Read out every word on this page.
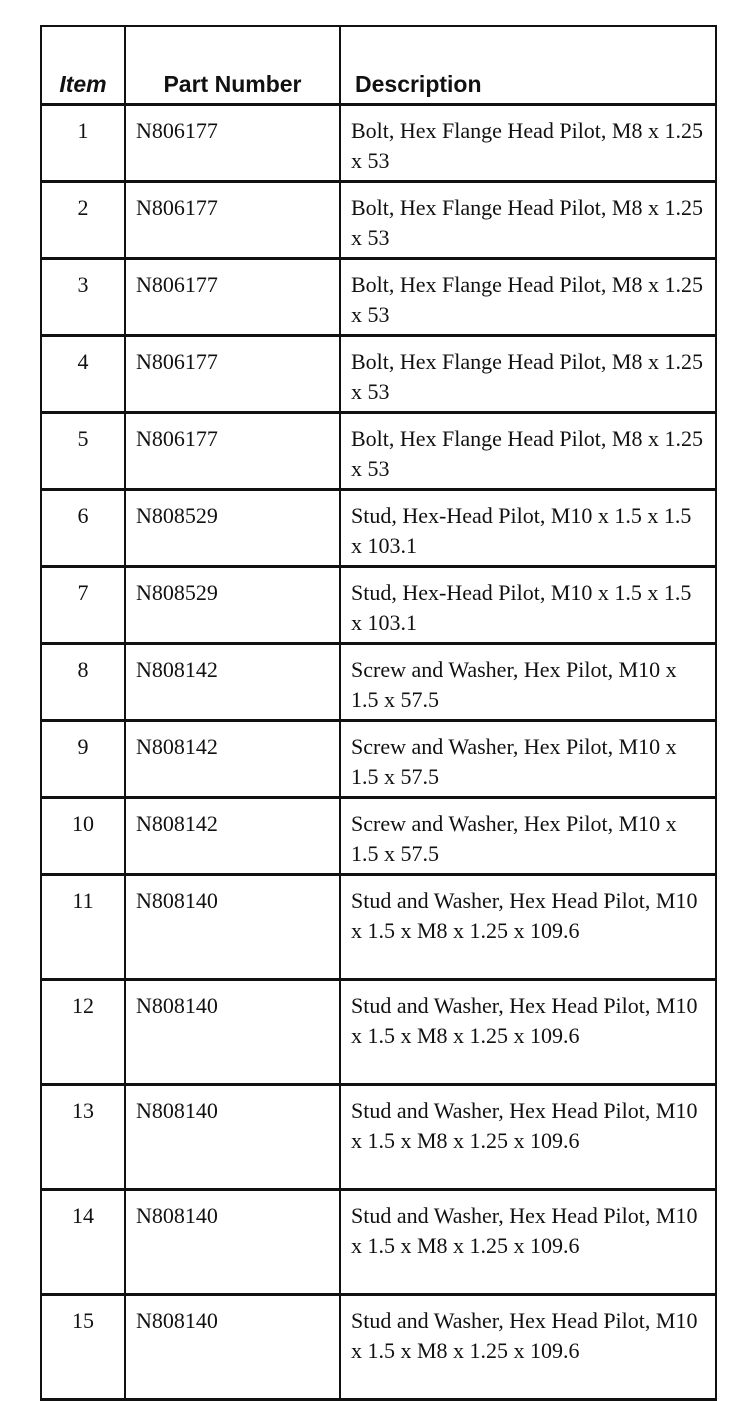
Item	Part Number	Description
1	N806177	Bolt, Hex Flange Head Pilot, M8 x 1.25 x 53
2	N806177	Bolt, Hex Flange Head Pilot, M8 x 1.25 x 53
3	N806177	Bolt, Hex Flange Head Pilot, M8 x 1.25 x 53
4	N806177	Bolt, Hex Flange Head Pilot, M8 x 1.25 x 53
5	N806177	Bolt, Hex Flange Head Pilot, M8 x 1.25 x 53
6	N808529	Stud, Hex-Head Pilot, M10 x 1.5 x 1.5 x 103.1
7	N808529	Stud, Hex-Head Pilot, M10 x 1.5 x 1.5 x 103.1
8	N808142	Screw and Washer, Hex Pilot, M10 x 1.5 x 57.5
9	N808142	Screw and Washer, Hex Pilot, M10 x 1.5 x 57.5
10	N808142	Screw and Washer, Hex Pilot, M10 x 1.5 x 57.5
11	N808140	Stud and Washer, Hex Head Pilot, M10 x 1.5 x M8 x 1.25 x 109.6
12	N808140	Stud and Washer, Hex Head Pilot, M10 x 1.5 x M8 x 1.25 x 109.6
13	N808140	Stud and Washer, Hex Head Pilot, M10 x 1.5 x M8 x 1.25 x 109.6
14	N808140	Stud and Washer, Hex Head Pilot, M10 x 1.5 x M8 x 1.25 x 109.6
15	N808140	Stud and Washer, Hex Head Pilot, M10 x 1.5 x M8 x 1.25 x 109.6
